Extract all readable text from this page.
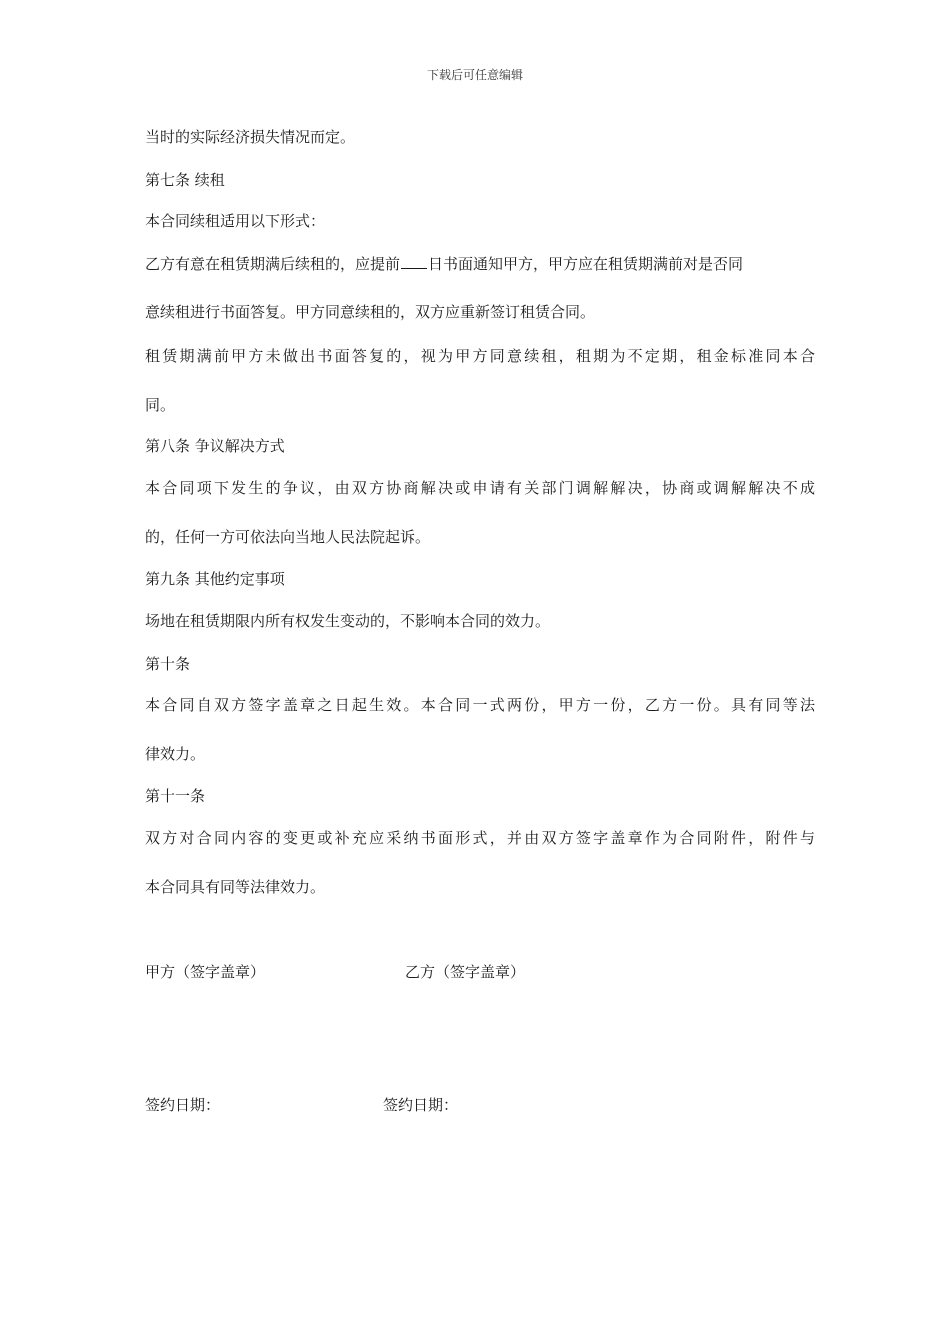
下载后可任意编辑

当时的实际经济损失情况而定。

第七条 续租

本合同续租适用以下形式：

乙方有意在租赁期满后续租的，应提前 日书面通知甲方，甲方应在租赁期满前对是否同

意续租进行书面答复。甲方同意续租的，双方应重新签订租赁合同。

租赁期满前甲方未做出书面答复的，视为甲方同意续租，租期为不定期，租金标准同本合

同。

第八条 争议解决方式

本合同项下发生的争议，由双方协商解决或申请有关部门调解解决，协商或调解解决不成

的，任何一方可依法向当地人民法院起诉。

第九条 其他约定事项

场地在租赁期限内所有权发生变动的，不影响本合同的效力。

第十条

本合同自双方签字盖章之日起生效。本合同一式两份，甲方一份，乙方一份。具有同等法

律效力。

第十一条

双方对合同内容的变更或补充应采纳书面形式，并由双方签字盖章作为合同附件，附件与

本合同具有同等法律效力。

甲方（签字盖章）	乙方（签字盖章）

签约日期：	签约日期：
